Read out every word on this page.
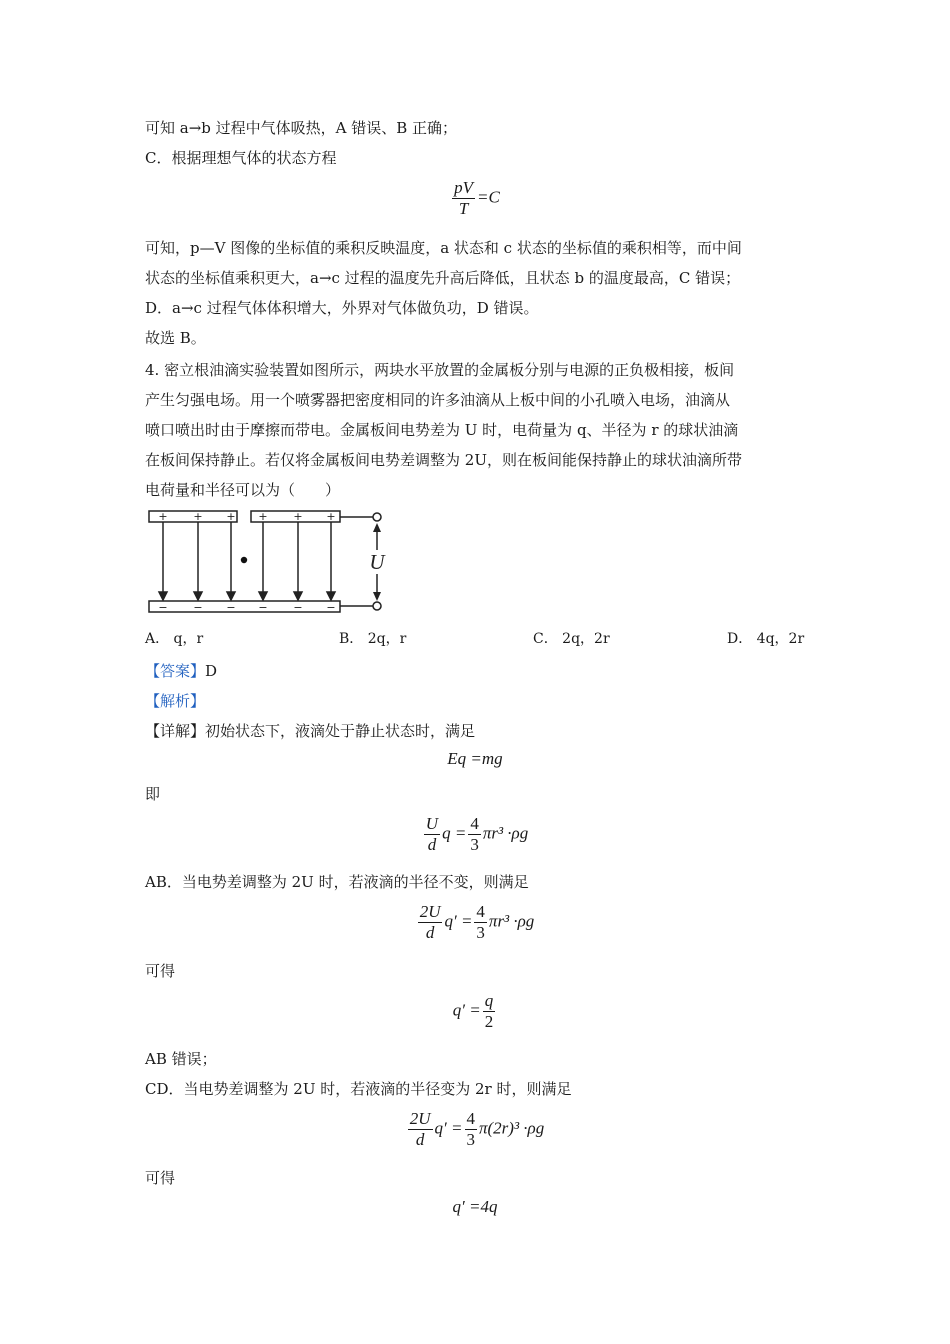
可知 a→b 过程中气体吸热，A 错误、B 正确；
C．根据理想气体的状态方程
$\frac{pV}{T} =C$
可知，p—V 图像的坐标值的乘积反映温度，a 状态和 c 状态的坐标值的乘积相等，而中间
状态的坐标值乘积更大，a→c 过程的温度先升高后降低，且状态 b 的温度最高，C 错误；
D．a→c 过程气体体积增大，外界对气体做负功，D 错误。
故选 B。
4. 密立根油滴实验装置如图所示，两块水平放置的金属板分别与电源的正负极相接，板间
产生匀强电场。用一个喷雾器把密度相同的许多油滴从上板中间的小孔喷入电场，油滴从
喷口喷出时由于摩擦而带电。金属板间电势差为 U 时，电荷量为 q、半径为 r 的球状油滴
在板间保持静止。若仅将金属板间电势差调整为 2U，则在板间能保持静止的球状油滴所带
电荷量和半径可以为（　　）
+ + + + + +
− − − − − −
U
A． q，r	B． 2q，r	C． 2q，2r	D． 4q，2r
【答案】D
【解析】
【详解】初始状态下，液滴处于静止状态时，满足
Eq =mg
即
$\frac{U}{d}$ $q = \frac{4}{3} \pi r^3 \cdot\rho g$
AB．当电势差调整为 2U 时，若液滴的半径不变，则满足
$\frac{2U}{d} q' = \frac{4}{3} \pi r^3 \cdot\rho g$
可得
$q' = \frac{q}{2}$
AB 错误；
CD．当电势差调整为 2U 时，若液滴的半径变为 2r 时，则满足
$\frac{2U}{d} q' = \frac{4}{3} \pi(2r)^3 \cdot\rho g$
可得
q′ =4q
